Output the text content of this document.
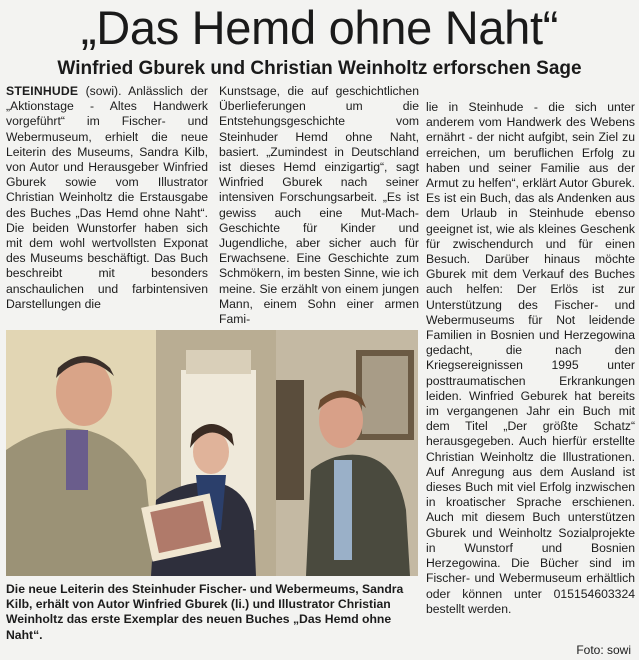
„Das Hemd ohne Naht“
Winfried Gburek und Christian Weinholtz erforschen Sage

STEINHUDE (sowi). Anlässlich der „Aktionstage - Altes Handwerk vorgeführt“ im Fischer- und Webermuseum, erhielt die neue Leiterin des Museums, Sandra Kilb, von Autor und Herausgeber Winfried Gburek sowie vom Illustrator Christian Weinholtz die Erstausgabe des Buches „Das Hemd ohne Naht“. Die beiden Wunstorfer haben sich mit dem wohl wertvollsten Exponat des Museums beschäftigt. Das Buch beschreibt mit besonders anschaulichen und farbintensiven Darstellungen die

Kunstsage, die auf geschichtlichen Überlieferungen um die Entstehungsgeschichte vom Steinhuder Hemd ohne Naht, basiert. „Zumindest in Deutschland ist dieses Hemd einzigartig“, sagt Winfried Gburek nach seiner intensiven Forschungsarbeit. „Es ist gewiss auch eine Mut-Mach-Geschichte für Kinder und Jugendliche, aber sicher auch für Erwachsene. Eine Geschichte zum Schmökern, im besten Sinne, wie ich meine. Sie erzählt von einem jungen Mann, einem Sohn einer armen Fami-

lie in Steinhude - die sich unter anderem vom Handwerk des Webens ernährt - der nicht aufgibt, sein Ziel zu erreichen, um beruflichen Erfolg zu haben und seiner Familie aus der Armut zu helfen“, erklärt Autor Gburek. Es ist ein Buch, das als Andenken aus dem Urlaub in Steinhude ebenso geeignet ist, wie als kleines Geschenk für zwischendurch und für einen Besuch. Darüber hinaus möchte Gburek mit dem Verkauf des Buches auch helfen: Der Erlös ist zur Unterstützung des Fischer- und Webermuseums für Not leidende Familien in Bosnien und Herzegowina gedacht, die nach den Kriegsereignissen 1995 unter posttraumatischen Erkrankungen leiden. Winfried Geburek hat bereits im vergangenen Jahr ein Buch mit dem Titel „Der größte Schatz“ herausgegeben. Auch hierfür erstellte Christian Weinholtz die Illustrationen. Auf Anregung aus dem Ausland ist dieses Buch mit viel Erfolg inzwischen in kroatischer Sprache erschienen. Auch mit diesem Buch unterstützen Gburek und Weinholtz Sozialprojekte in Wunstorf und Bosnien Herzegowina. Die Bücher sind im Fischer- und Webermuseum erhältlich oder können unter 015154603324 bestellt werden.

Die neue Leiterin des Steinhuder Fischer- und Webermeums, Sandra Kilb, erhält von Autor Winfried Gburek (li.) und Illustrator Christian Weinholtz das erste Exemplar des neuen Buches „Das Hemd ohne Naht“.

Foto: sowi
